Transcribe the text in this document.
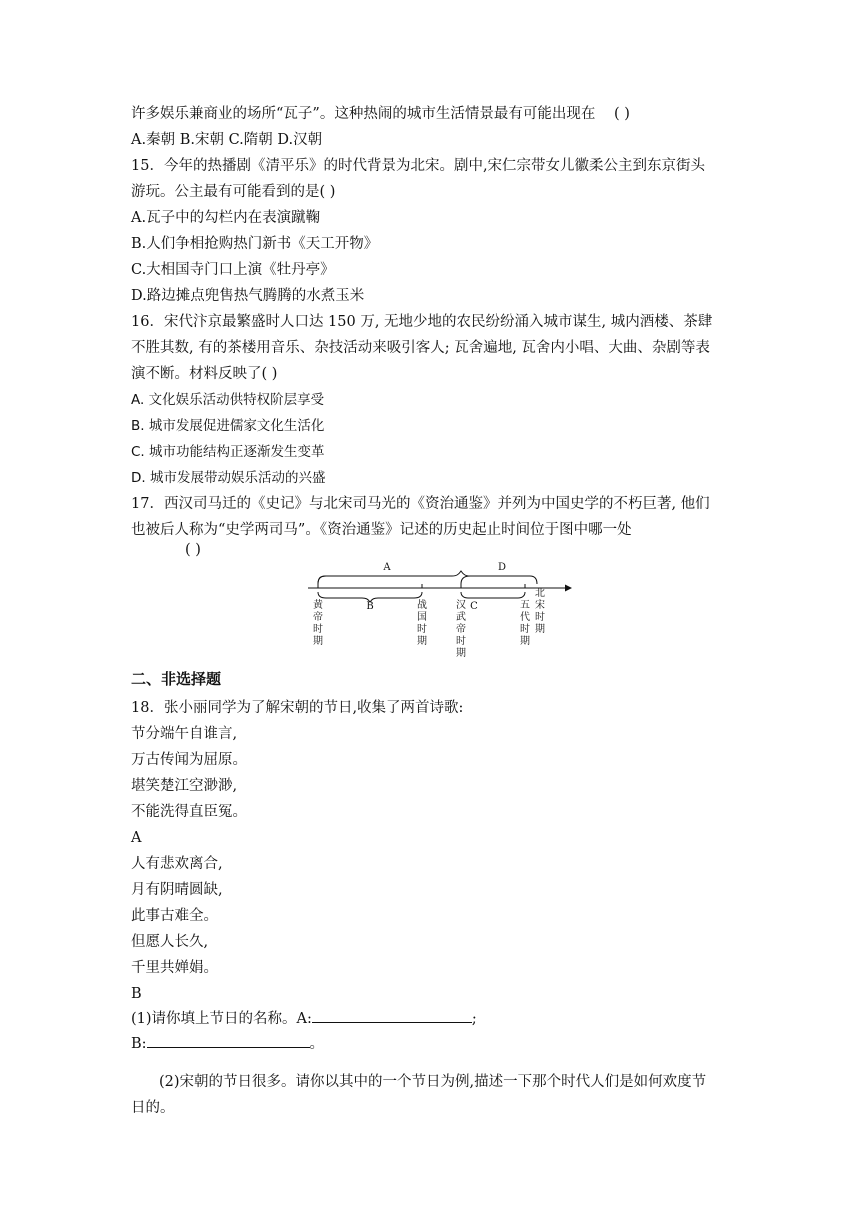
许多娱乐兼商业的场所“瓦子”。这种热闹的城市生活情景最有可能出现在 ( )
A.秦朝 B.宋朝 C.隋朝 D.汉朝
15．今年的热播剧《清平乐》的时代背景为北宋。剧中,宋仁宗带女儿徽柔公主到东京街头
游玩。公主最有可能看到的是( )
A.瓦子中的勾栏内在表演蹴鞠
B.人们争相抢购热门新书《天工开物》
C.大相国寺门口上演《牡丹亭》
D.路边摊点兜售热气腾腾的水煮玉米
16．宋代汴京最繁盛时人口达 150 万, 无地少地的农民纷纷涌入城市谋生, 城内酒楼、茶肆
不胜其数, 有的茶楼用音乐、杂技活动来吸引客人; 瓦舍遍地, 瓦舍内小唱、大曲、杂剧等表
演不断。材料反映了( )
A. 文化娱乐活动供特权阶层享受
B. 城市发展促进儒家文化生活化
C. 城市功能结构正逐渐发生变革
D. 城市发展带动娱乐活动的兴盛
17．西汉司马迁的《史记》与北宋司马光的《资治通鉴》并列为中国史学的不朽巨著, 他们
也被后人称为“史学两司马”。《资治通鉴》记述的历史起止时间位于图中哪一处
( )
A	D
B	C
黄帝时期
战国时期
汉武帝时期
五代时期
北宋时期
二、非选择题
18．张小丽同学为了解宋朝的节日,收集了两首诗歌:
节分端午自谁言,
万古传闻为屈原。
堪笑楚江空渺渺,
不能洗得直臣冤。
A
人有悲欢离合,
月有阴晴圆缺,
此事古难全。
但愿人长久,
千里共婵娟。
B
(1)请你填上节日的名称。A:	;
B:	。
(2)宋朝的节日很多。请你以其中的一个节日为例,描述一下那个时代人们是如何欢度节
日的。
